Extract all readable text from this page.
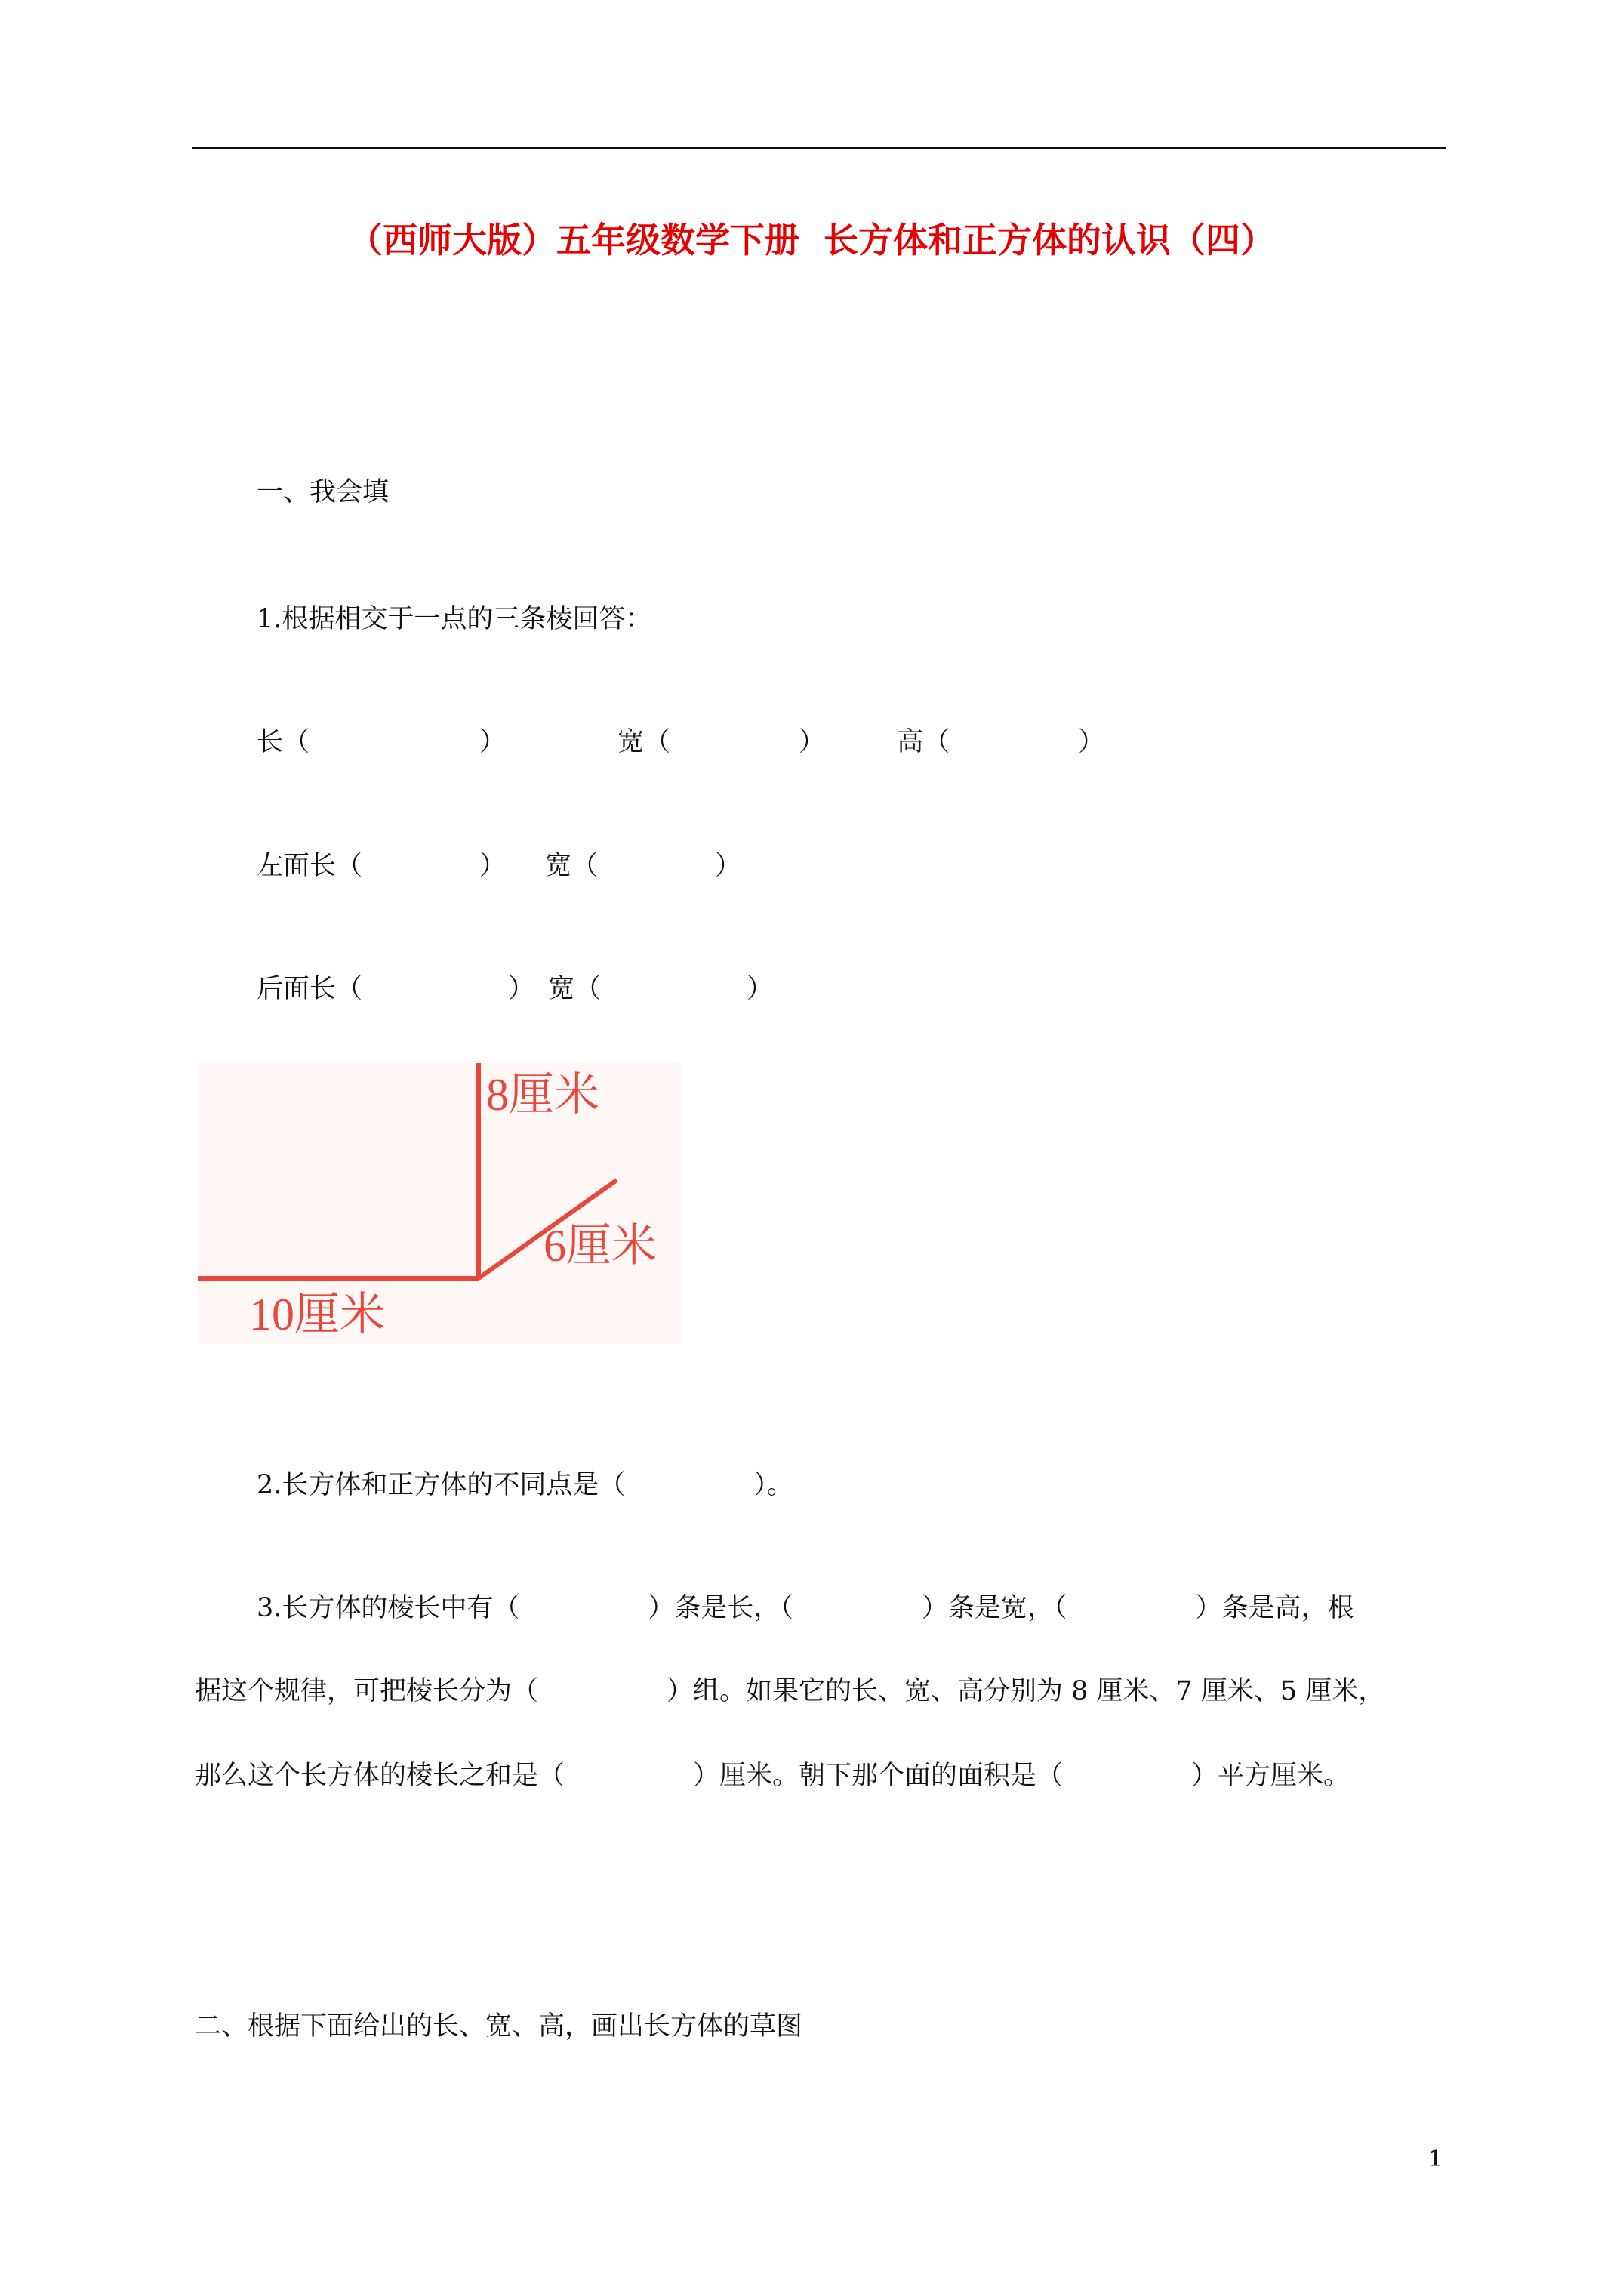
（西师大版）五年级数学下册  长方体和正方体的认识（四）
一、我会填
1.根据相交于一点的三条棱回答：
长（	）	宽（	）	高（	）
左面长（	） 宽（	）
后面长（	） 宽（	）
8厘米
6厘米
10厘米
2.长方体和正方体的不同点是（	）。
3.长方体的棱长中有（	）条是长，（	）条是宽，（	）条是高，根
据这个规律，可把棱长分为（	）组。如果它的长、宽、高分别为 8 厘米、7 厘米、5 厘米，
那么这个长方体的棱长之和是（	）厘米。朝下那个面的面积是（	）平方厘米。
二、根据下面给出的长、宽、高，画出长方体的草图
1
